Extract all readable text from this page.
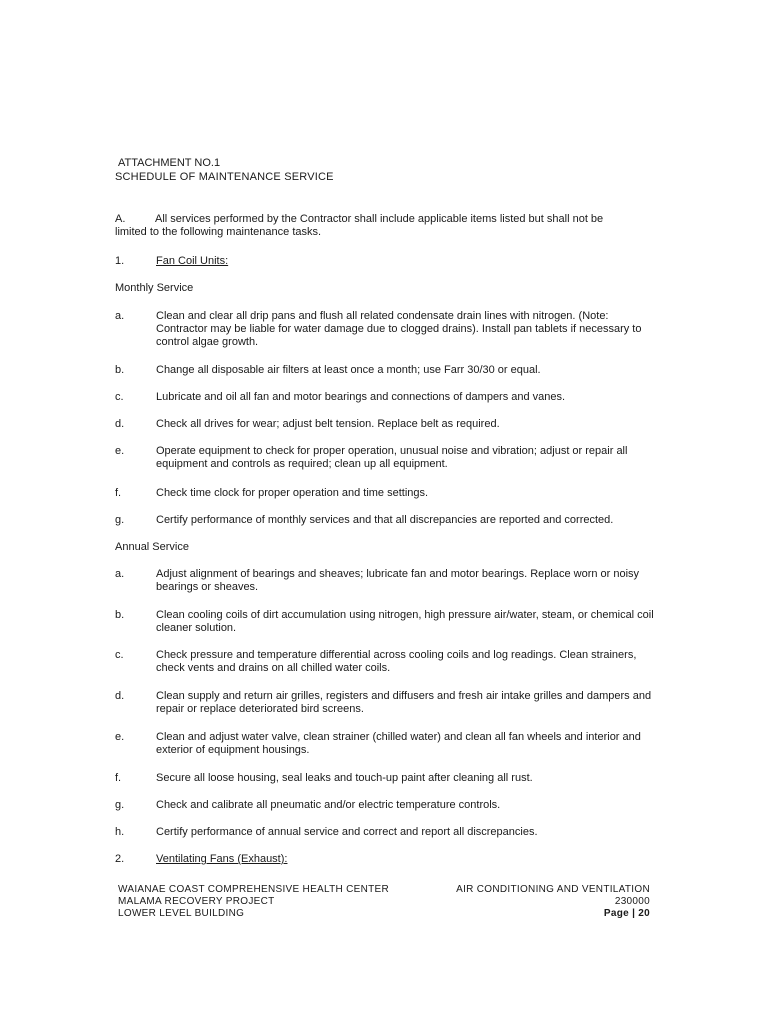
ATTACHMENT NO.1
SCHEDULE OF MAINTENANCE SERVICE
A.	All services performed by the Contractor shall include applicable items listed but shall not be
limited to the following maintenance tasks.
1.	Fan Coil Units:
Monthly Service
a.	Clean and clear all drip pans and flush all related condensate drain lines with nitrogen. (Note: Contractor may be liable for water damage due to clogged drains). Install pan tablets if necessary to control algae growth.
b.	Change all disposable air filters at least once a month; use Farr 30/30 or equal.
c.	Lubricate and oil all fan and motor bearings and connections of dampers and vanes.
d.	Check all drives for wear; adjust belt tension. Replace belt as required.
e.	Operate equipment to check for proper operation, unusual noise and vibration; adjust or repair all equipment and controls as required; clean up all equipment.
f.	Check time clock for proper operation and time settings.
g.	Certify performance of monthly services and that all discrepancies are reported and corrected.
Annual Service
a.	Adjust alignment of bearings and sheaves; lubricate fan and motor bearings. Replace worn or noisy bearings or sheaves.
b.	Clean cooling coils of dirt accumulation using nitrogen, high pressure air/water, steam, or chemical coil cleaner solution.
c.	Check pressure and temperature differential across cooling coils and log readings. Clean strainers, check vents and drains on all chilled water coils.
d.	Clean supply and return air grilles, registers and diffusers and fresh air intake grilles and dampers and repair or replace deteriorated bird screens.
e.	Clean and adjust water valve, clean strainer (chilled water) and clean all fan wheels and interior and exterior of equipment housings.
f.	Secure all loose housing, seal leaks and touch-up paint after cleaning all rust.
g.	Check and calibrate all pneumatic and/or electric temperature controls.
h.	Certify performance of annual service and correct and report all discrepancies.
2.	Ventilating Fans (Exhaust):
WAIANAE COAST COMPREHENSIVE HEALTH CENTER
MALAMA RECOVERY PROJECT
LOWER LEVEL BUILDING
AIR CONDITIONING AND VENTILATION
230000
Page | 20
